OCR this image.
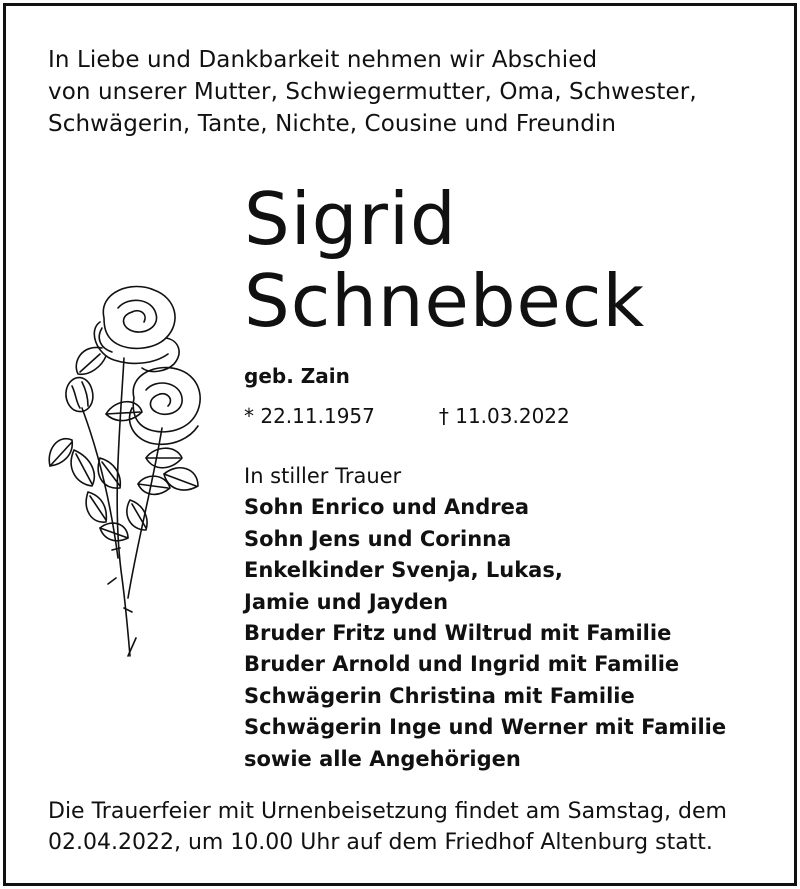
In Liebe und Dankbarkeit nehmen wir Abschied
von unserer Mutter, Schwiegermutter, Oma, Schwester,
Schwägerin, Tante, Nichte, Cousine und Freundin
Sigrid
Schnebeck
geb. Zain
* 22.11.1957	† 11.03.2022
In stiller Trauer
Sohn Enrico und Andrea
Sohn Jens und Corinna
Enkelkinder Svenja, Lukas,
Jamie und Jayden
Bruder Fritz und Wiltrud mit Familie
Bruder Arnold und Ingrid mit Familie
Schwägerin Christina mit Familie
Schwägerin Inge und Werner mit Familie
sowie alle Angehörigen
Die Trauerfeier mit Urnenbeisetzung findet am Samstag, dem
02.04.2022, um 10.00 Uhr auf dem Friedhof Altenburg statt.
